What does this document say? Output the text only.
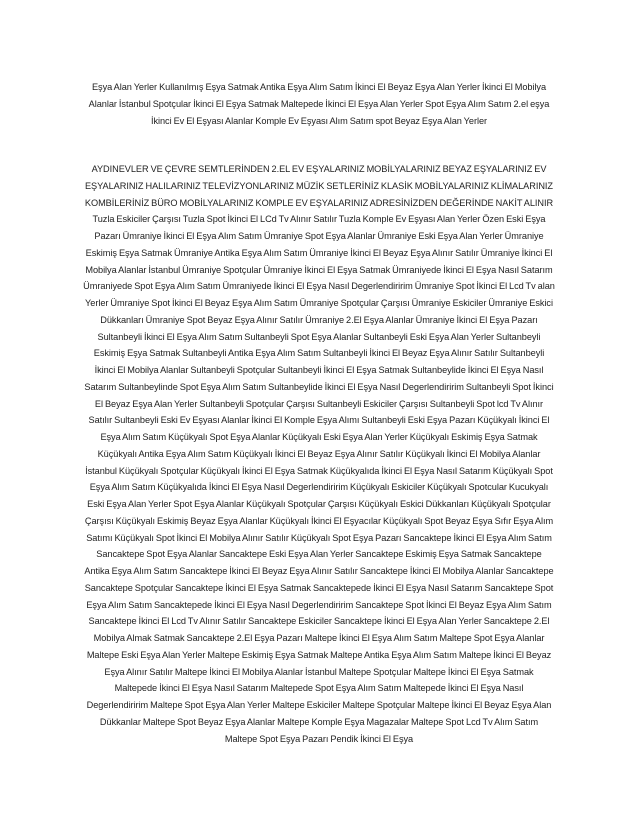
Eşya Alan Yerler Kullanılmış Eşya Satmak Antika Eşya Alım Satım İkinci El Beyaz Eşya Alan Yerler İkinci El Mobilya Alanlar İstanbul Spotçular İkinci El Eşya Satmak Maltepede İkinci El Eşya Alan Yerler Spot Eşya Alım Satım 2.el eşya İkinci Ev El Eşyası Alanlar Komple Ev Eşyası Alım Satım spot Beyaz Eşya Alan Yerler

AYDINEVLER VE ÇEVRE SEMTLERİNDEN 2.EL EV EŞYALARINIZ MOBİLYALARINIZ BEYAZ EŞYALARINIZ EV EŞYALARINIZ HALILARINIZ TELEVİZYONLARINIZ MÜZİK SETLERİNİZ KLASİK MOBİLYALARINIZ KLİMALARINIZ KOMBİLERİNİZ BÜRO MOBİLYALARINIZ KOMPLE EV EŞYALARINIZ ADRESİNİZDEN DEĞERİNDE NAKİT ALINIR Tuzla Eskiciler Çarşısı Tuzla Spot İkinci El LCd Tv Alınır Satılır Tuzla Komple Ev Eşyası Alan Yerler Özen Eski Eşya Pazarı Ümraniye İkinci El Eşya Alım Satım Ümraniye Spot Eşya Alanlar Ümraniye Eski Eşya Alan Yerler Ümraniye Eskimiş Eşya Satmak Ümraniye Antika Eşya Alım Satım Ümraniye İkinci El Beyaz Eşya Alınır Satılır Ümraniye İkinci El Mobilya Alanlar İstanbul Ümraniye Spotçular Ümraniye İkinci El Eşya Satmak Ümraniyede İkinci El Eşya Nasıl Satarım Ümraniyede Spot Eşya Alım Satım Ümraniyede İkinci El Eşya Nasıl Degerlendiririm Ümraniye Spot İkinci El Lcd Tv alan Yerler Ümraniye Spot İkinci El Beyaz Eşya Alım Satım Ümraniye Spotçular Çarşısı Ümraniye Eskiciler Ümraniye Eskici Dükkanları Ümraniye Spot Beyaz Eşya Alınır Satılır Ümraniye 2.El Eşya Alanlar Ümraniye İkinci El Eşya Pazarı Sultanbeyli İkinci El Eşya Alım Satım Sultanbeyli Spot Eşya Alanlar Sultanbeyli Eski Eşya Alan Yerler Sultanbeyli Eskimiş Eşya Satmak Sultanbeyli Antika Eşya Alım Satım Sultanbeyli İkinci El Beyaz Eşya Alınır Satılır Sultanbeyli İkinci El Mobilya Alanlar Sultanbeyli Spotçular Sultanbeyli İkinci El Eşya Satmak Sultanbeylide İkinci El Eşya Nasıl Satarım Sultanbeylinde Spot Eşya Alım Satım Sultanbeylide İkinci El Eşya Nasıl Degerlendiririm Sultanbeyli Spot İkinci El Beyaz Eşya Alan Yerler Sultanbeyli Spotçular Çarşısı Sultanbeyli Eskiciler Çarşısı Sultanbeyli Spot lcd Tv Alınır Satılır Sultanbeyli Eski Ev Eşyası Alanlar İkinci El Komple Eşya Alımı Sultanbeyli Eski Eşya Pazarı Küçükyalı İkinci El Eşya Alım Satım Küçükyalı Spot Eşya Alanlar Küçükyalı Eski Eşya Alan Yerler Küçükyalı Eskimiş Eşya Satmak Küçükyalı Antika Eşya Alım Satım Küçükyalı İkinci El Beyaz Eşya Alınır Satılır Küçükyalı İkinci El Mobilya Alanlar İstanbul Küçükyalı Spotçular Küçükyalı İkinci El Eşya Satmak Küçükyalıda İkinci El Eşya Nasıl Satarım Küçükyalı Spot Eşya Alım Satım Küçükyalıda İkinci El Eşya Nasıl Degerlendiririm Küçükyalı Eskiciler Küçükyalı Spotcular Kucukyalı Eski Eşya Alan Yerler Spot Eşya Alanlar Küçükyalı Spotçular Çarşısı Küçükyalı Eskici Dükkanları Küçükyalı Spotçular Çarşısı Küçükyalı Eskimiş Beyaz Eşya Alanlar Küçükyalı İkinci El Eşyacılar Küçükyalı Spot Beyaz Eşya Sıfır Eşya Alım Satımı Küçükyalı Spot İkinci El Mobilya Alınır Satılır Küçükyalı Spot Eşya Pazarı Sancaktepe İkinci El Eşya Alım Satım Sancaktepe Spot Eşya Alanlar Sancaktepe Eski Eşya Alan Yerler Sancaktepe Eskimiş Eşya Satmak Sancaktepe Antika Eşya Alım Satım Sancaktepe İkinci El Beyaz Eşya Alınır Satılır Sancaktepe İkinci El Mobilya Alanlar Sancaktepe Sancaktepe Spotçular Sancaktepe İkinci El Eşya Satmak Sancaktepede İkinci El Eşya Nasıl Satarım Sancaktepe Spot Eşya Alım Satım Sancaktepede İkinci El Eşya Nasıl Degerlendiririm Sancaktepe Spot İkinci El Beyaz Eşya Alım Satım Sancaktepe İkinci El Lcd Tv Alınır Satılır Sancaktepe Eskiciler Sancaktepe İkinci El Eşya Alan Yerler Sancaktepe 2.El Mobilya Almak Satmak Sancaktepe 2.El Eşya Pazarı Maltepe İkinci El Eşya Alım Satım Maltepe Spot Eşya Alanlar Maltepe Eski Eşya Alan Yerler Maltepe Eskimiş Eşya Satmak Maltepe Antika Eşya Alım Satım Maltepe İkinci El Beyaz Eşya Alınır Satılır Maltepe İkinci El Mobilya Alanlar İstanbul Maltepe Spotçular Maltepe İkinci El Eşya Satmak Maltepede İkinci El Eşya Nasıl Satarım Maltepede Spot Eşya Alım Satım Maltepede İkinci El Eşya Nasıl Degerlendiririm Maltepe Spot Eşya Alan Yerler Maltepe Eskiciler Maltepe Spotçular Maltepe İkinci El Beyaz Eşya Alan Dükkanlar Maltepe Spot Beyaz Eşya Alanlar Maltepe Komple Eşya Magazalar Maltepe Spot Lcd Tv Alım Satım Maltepe Spot Eşya Pazarı Pendik İkinci El Eşya
